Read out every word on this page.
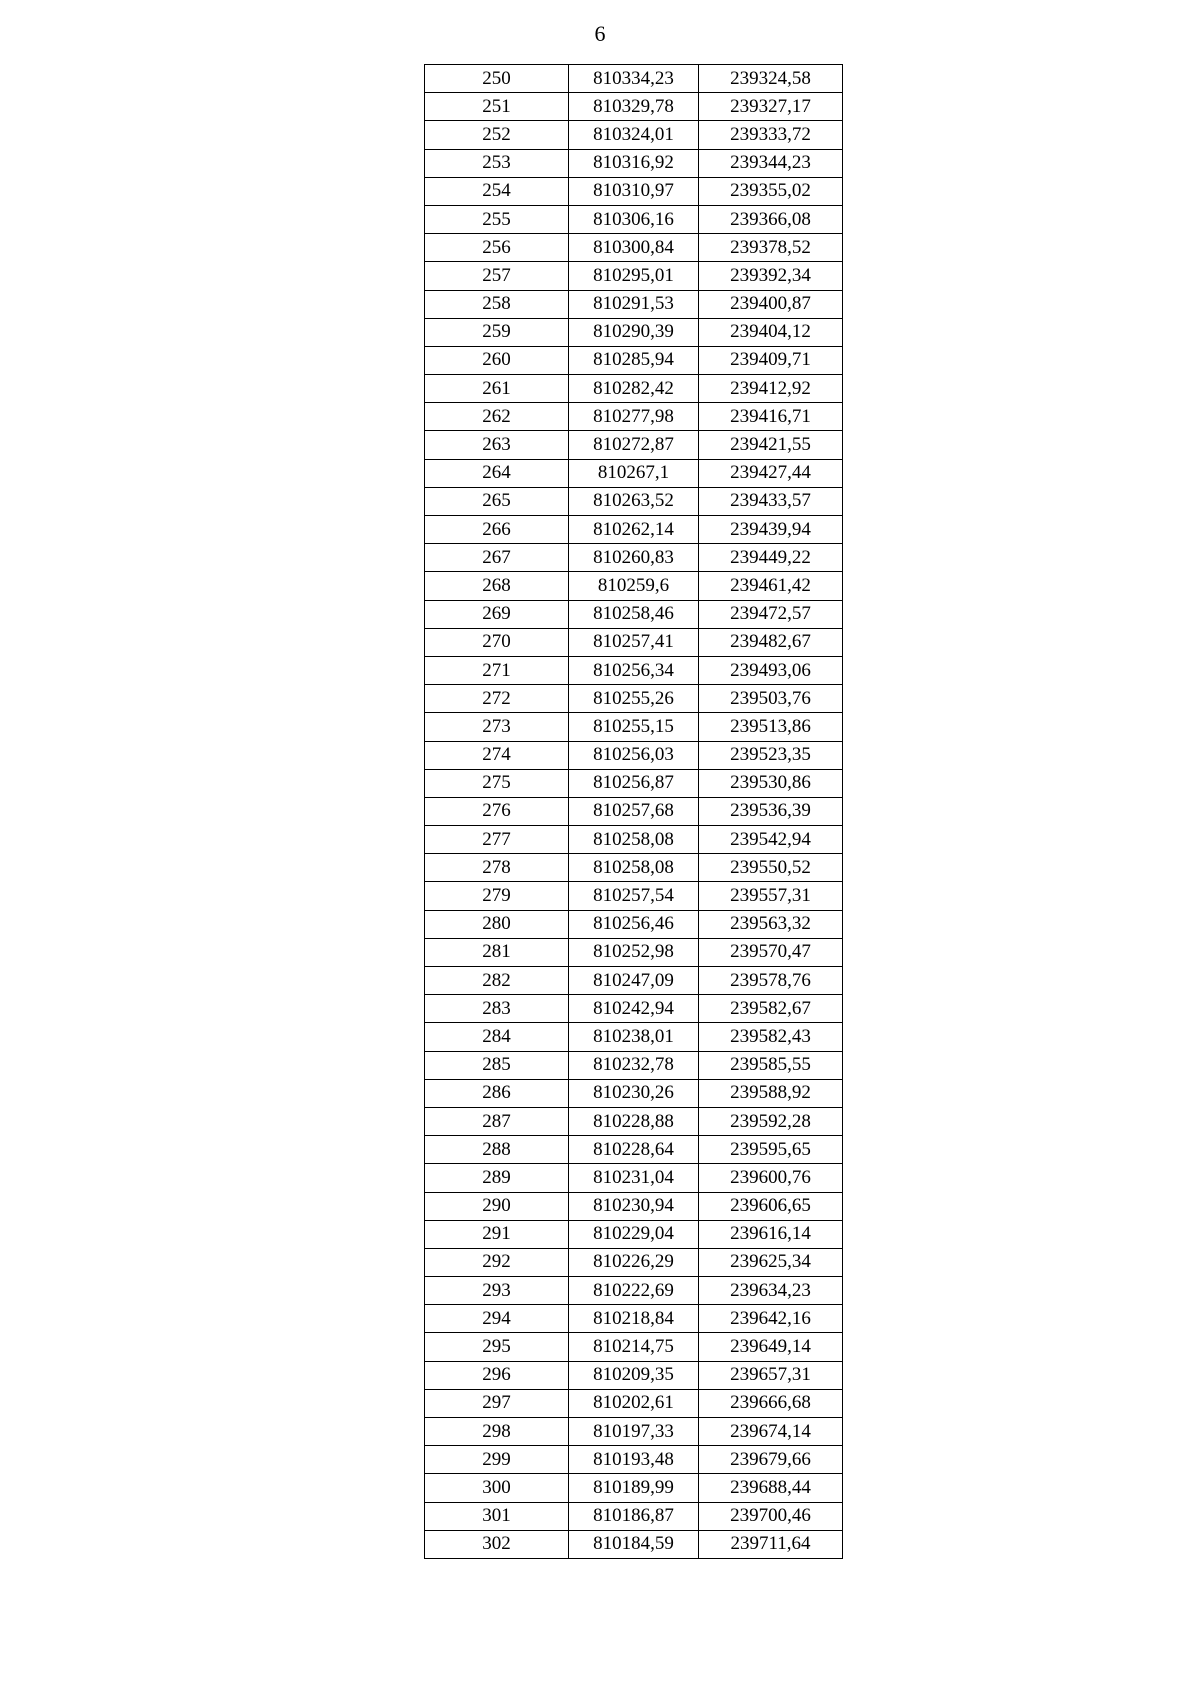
6
250	810334,23	239324,58
251	810329,78	239327,17
252	810324,01	239333,72
253	810316,92	239344,23
254	810310,97	239355,02
255	810306,16	239366,08
256	810300,84	239378,52
257	810295,01	239392,34
258	810291,53	239400,87
259	810290,39	239404,12
260	810285,94	239409,71
261	810282,42	239412,92
262	810277,98	239416,71
263	810272,87	239421,55
264	810267,1	239427,44
265	810263,52	239433,57
266	810262,14	239439,94
267	810260,83	239449,22
268	810259,6	239461,42
269	810258,46	239472,57
270	810257,41	239482,67
271	810256,34	239493,06
272	810255,26	239503,76
273	810255,15	239513,86
274	810256,03	239523,35
275	810256,87	239530,86
276	810257,68	239536,39
277	810258,08	239542,94
278	810258,08	239550,52
279	810257,54	239557,31
280	810256,46	239563,32
281	810252,98	239570,47
282	810247,09	239578,76
283	810242,94	239582,67
284	810238,01	239582,43
285	810232,78	239585,55
286	810230,26	239588,92
287	810228,88	239592,28
288	810228,64	239595,65
289	810231,04	239600,76
290	810230,94	239606,65
291	810229,04	239616,14
292	810226,29	239625,34
293	810222,69	239634,23
294	810218,84	239642,16
295	810214,75	239649,14
296	810209,35	239657,31
297	810202,61	239666,68
298	810197,33	239674,14
299	810193,48	239679,66
300	810189,99	239688,44
301	810186,87	239700,46
302	810184,59	239711,64
